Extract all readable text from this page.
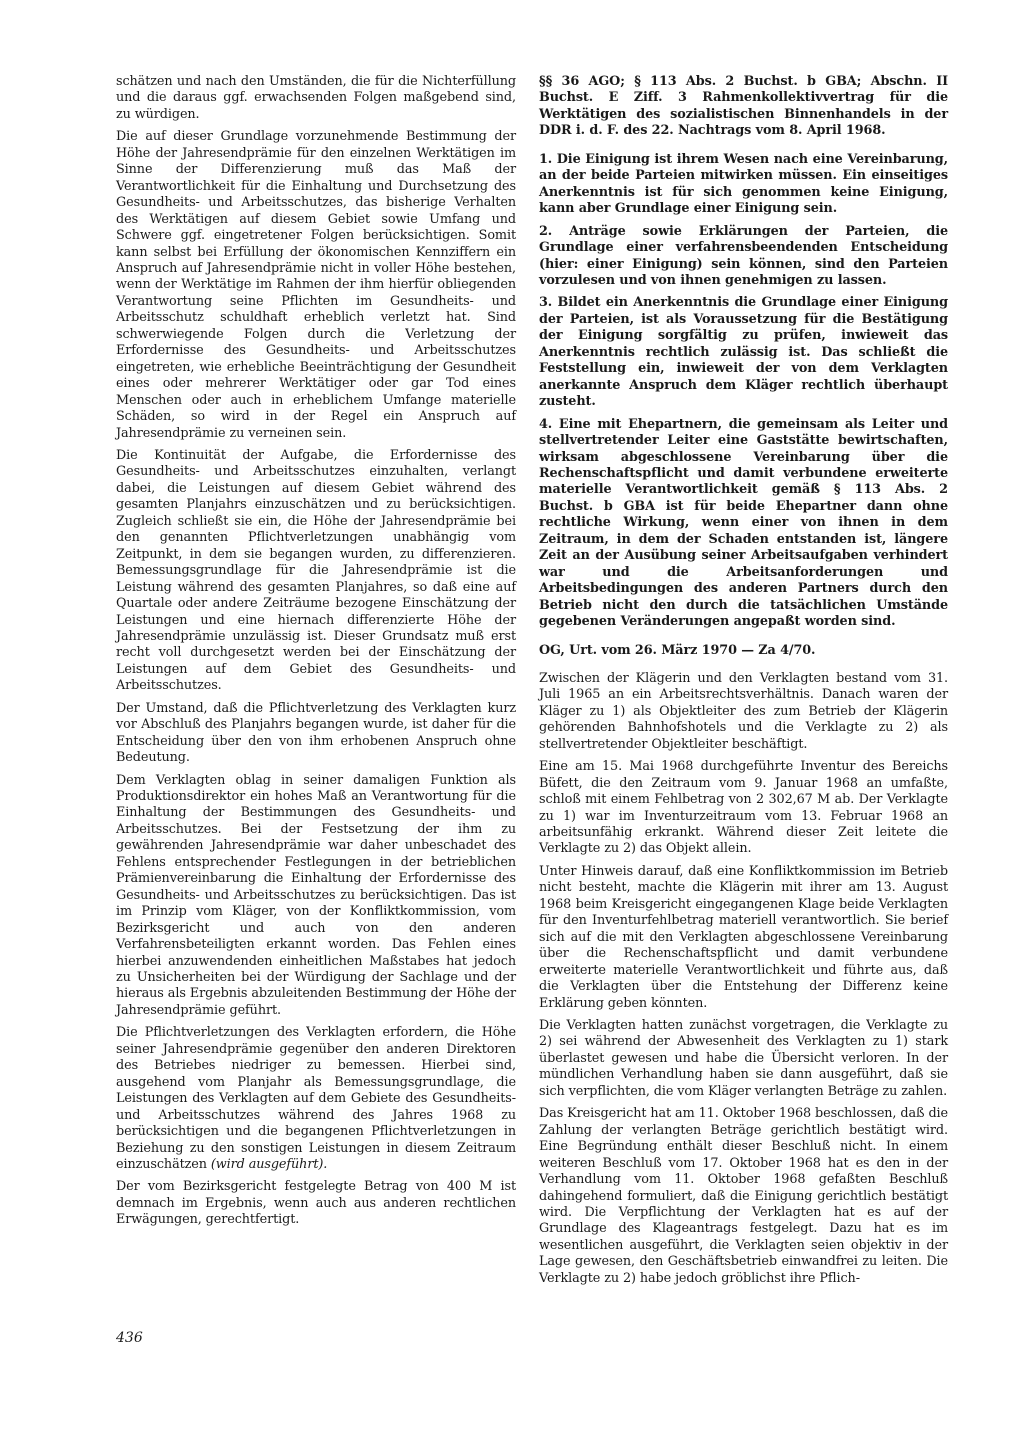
schätzen und nach den Umständen, die für die Nichterfüllung und die daraus ggf. erwachsenden Folgen maßgebend sind, zu würdigen.

Die auf dieser Grundlage vorzunehmende Bestimmung der Höhe der Jahresendprämie für den einzelnen Werktätigen im Sinne der Differenzierung muß das Maß der Verantwortlichkeit für die Einhaltung und Durchsetzung des Gesundheits- und Arbeitsschutzes, das bisherige Verhalten des Werktätigen auf diesem Gebiet sowie Umfang und Schwere ggf. eingetretener Folgen berücksichtigen. Somit kann selbst bei Erfüllung der ökonomischen Kennziffern ein Anspruch auf Jahresendprämie nicht in voller Höhe bestehen, wenn der Werktätige im Rahmen der ihm hierfür obliegenden Verantwortung seine Pflichten im Gesundheits- und Arbeitsschutz schuldhaft erheblich verletzt hat. Sind schwerwiegende Folgen durch die Verletzung der Erfordernisse des Gesundheits- und Arbeitsschutzes eingetreten, wie erhebliche Beeinträchtigung der Gesundheit eines oder mehrerer Werktätiger oder gar Tod eines Menschen oder auch in erheblichem Umfange materielle Schäden, so wird in der Regel ein Anspruch auf Jahresendprämie zu verneinen sein.

Die Kontinuität der Aufgabe, die Erfordernisse des Gesundheits- und Arbeitsschutzes einzuhalten, verlangt dabei, die Leistungen auf diesem Gebiet während des gesamten Planjahrs einzuschätzen und zu berücksichtigen. Zugleich schließt sie ein, die Höhe der Jahresendprämie bei den genannten Pflichtverletzungen unabhängig vom Zeitpunkt, in dem sie begangen wurden, zu differenzieren. Bemessungsgrundlage für die Jahresendprämie ist die Leistung während des gesamten Planjahres, so daß eine auf Quartale oder andere Zeiträume bezogene Einschätzung der Leistungen und eine hiernach differenzierte Höhe der Jahresendprämie unzulässig ist. Dieser Grundsatz muß erst recht voll durchgesetzt werden bei der Einschätzung der Leistungen auf dem Gebiet des Gesundheits- und Arbeitsschutzes.

Der Umstand, daß die Pflichtverletzung des Verklagten kurz vor Abschluß des Planjahrs begangen wurde, ist daher für die Entscheidung über den von ihm erhobenen Anspruch ohne Bedeutung.

Dem Verklagten oblag in seiner damaligen Funktion als Produktionsdirektor ein hohes Maß an Verantwortung für die Einhaltung der Bestimmungen des Gesundheits- und Arbeitsschutzes. Bei der Festsetzung der ihm zu gewährenden Jahresendprämie war daher unbeschadet des Fehlens entsprechender Festlegungen in der betrieblichen Prämienvereinbarung die Einhaltung der Erfordernisse des Gesundheits- und Arbeitsschutzes zu berücksichtigen. Das ist im Prinzip vom Kläger, von der Konfliktkommission, vom Bezirksgericht und auch von den anderen Verfahrensbeteiligten erkannt worden. Das Fehlen eines hierbei anzuwendenden einheitlichen Maßstabes hat jedoch zu Unsicherheiten bei der Würdigung der Sachlage und der hieraus als Ergebnis abzuleitenden Bestimmung der Höhe der Jahresendprämie geführt.

Die Pflichtverletzungen des Verklagten erfordern, die Höhe seiner Jahresendprämie gegenüber den anderen Direktoren des Betriebes niedriger zu bemessen. Hierbei sind, ausgehend vom Planjahr als Bemessungsgrundlage, die Leistungen des Verklagten auf dem Gebiete des Gesundheits- und Arbeitsschutzes während des Jahres 1968 zu berücksichtigen und die begangenen Pflichtverletzungen in Beziehung zu den sonstigen Leistungen in diesem Zeitraum einzuschätzen (wird ausgeführt).

Der vom Bezirksgericht festgelegte Betrag von 400 M ist demnach im Ergebnis, wenn auch aus anderen rechtlichen Erwägungen, gerechtfertigt.

§§ 36 AGO; § 113 Abs. 2 Buchst. b GBA; Abschn. II Buchst. E Ziff. 3 Rahmenkollektivvertrag für die Werktätigen des sozialistischen Binnenhandels in der DDR i. d. F. des 22. Nachtrags vom 8. April 1968.

1. Die Einigung ist ihrem Wesen nach eine Vereinbarung, an der beide Parteien mitwirken müssen. Ein einseitiges Anerkenntnis ist für sich genommen keine Einigung, kann aber Grundlage einer Einigung sein.

2. Anträge sowie Erklärungen der Parteien, die Grundlage einer verfahrensbeendenden Entscheidung (hier: einer Einigung) sein können, sind den Parteien vorzulesen und von ihnen genehmigen zu lassen.

3. Bildet ein Anerkenntnis die Grundlage einer Einigung der Parteien, ist als Voraussetzung für die Bestätigung der Einigung sorgfältig zu prüfen, inwieweit das Anerkenntnis rechtlich zulässig ist. Das schließt die Feststellung ein, inwieweit der von dem Verklagten anerkannte Anspruch dem Kläger rechtlich überhaupt zusteht.

4. Eine mit Ehepartnern, die gemeinsam als Leiter und stellvertretender Leiter eine Gaststätte bewirtschaften, wirksam abgeschlossene Vereinbarung über die Rechenschaftspflicht und damit verbundene erweiterte materielle Verantwortlichkeit gemäß § 113 Abs. 2 Buchst. b GBA ist für beide Ehepartner dann ohne rechtliche Wirkung, wenn einer von ihnen in dem Zeitraum, in dem der Schaden entstanden ist, längere Zeit an der Ausübung seiner Arbeitsaufgaben verhindert war und die Arbeitsanforderungen und Arbeitsbedingungen des anderen Partners durch den Betrieb nicht den durch die tatsächlichen Umstände gegebenen Veränderungen angepaßt worden sind.

OG, Urt. vom 26. März 1970 — Za 4/70.

Zwischen der Klägerin und den Verklagten bestand vom 31. Juli 1965 an ein Arbeitsrechtsverhältnis. Danach waren der Kläger zu 1) als Objektleiter des zum Betrieb der Klägerin gehörenden Bahnhofshotels und die Verklagte zu 2) als stellvertretender Objektleiter beschäftigt.

Eine am 15. Mai 1968 durchgeführte Inventur des Bereichs Büfett, die den Zeitraum vom 9. Januar 1968 an umfaßte, schloß mit einem Fehlbetrag von 2 302,67 M ab. Der Verklagte zu 1) war im Inventurzeitraum vom 13. Februar 1968 an arbeitsunfähig erkrankt. Während dieser Zeit leitete die Verklagte zu 2) das Objekt allein.

Unter Hinweis darauf, daß eine Konfliktkommission im Betrieb nicht besteht, machte die Klägerin mit ihrer am 13. August 1968 beim Kreisgericht eingegangenen Klage beide Verklagten für den Inventurfehlbetrag materiell verantwortlich. Sie berief sich auf die mit den Verklagten abgeschlossene Vereinbarung über die Rechenschaftspflicht und damit verbundene erweiterte materielle Verantwortlichkeit und führte aus, daß die Verklagten über die Entstehung der Differenz keine Erklärung geben könnten.

Die Verklagten hatten zunächst vorgetragen, die Verklagte zu 2) sei während der Abwesenheit des Verklagten zu 1) stark überlastet gewesen und habe die Übersicht verloren. In der mündlichen Verhandlung haben sie dann ausgeführt, daß sie sich verpflichten, die vom Kläger verlangten Beträge zu zahlen.

Das Kreisgericht hat am 11. Oktober 1968 beschlossen, daß die Zahlung der verlangten Beträge gerichtlich bestätigt wird. Eine Begründung enthält dieser Beschluß nicht. In einem weiteren Beschluß vom 17. Oktober 1968 hat es den in der Verhandlung vom 11. Oktober 1968 gefaßten Beschluß dahingehend formuliert, daß die Einigung gerichtlich bestätigt wird. Die Verpflichtung der Verklagten hat es auf der Grundlage des Klageantrags festgelegt. Dazu hat es im wesentlichen ausgeführt, die Verklagten seien objektiv in der Lage gewesen, den Geschäftsbetrieb einwandfrei zu leiten. Die Verklagte zu 2) habe jedoch gröblichst ihre Pflich-

436
